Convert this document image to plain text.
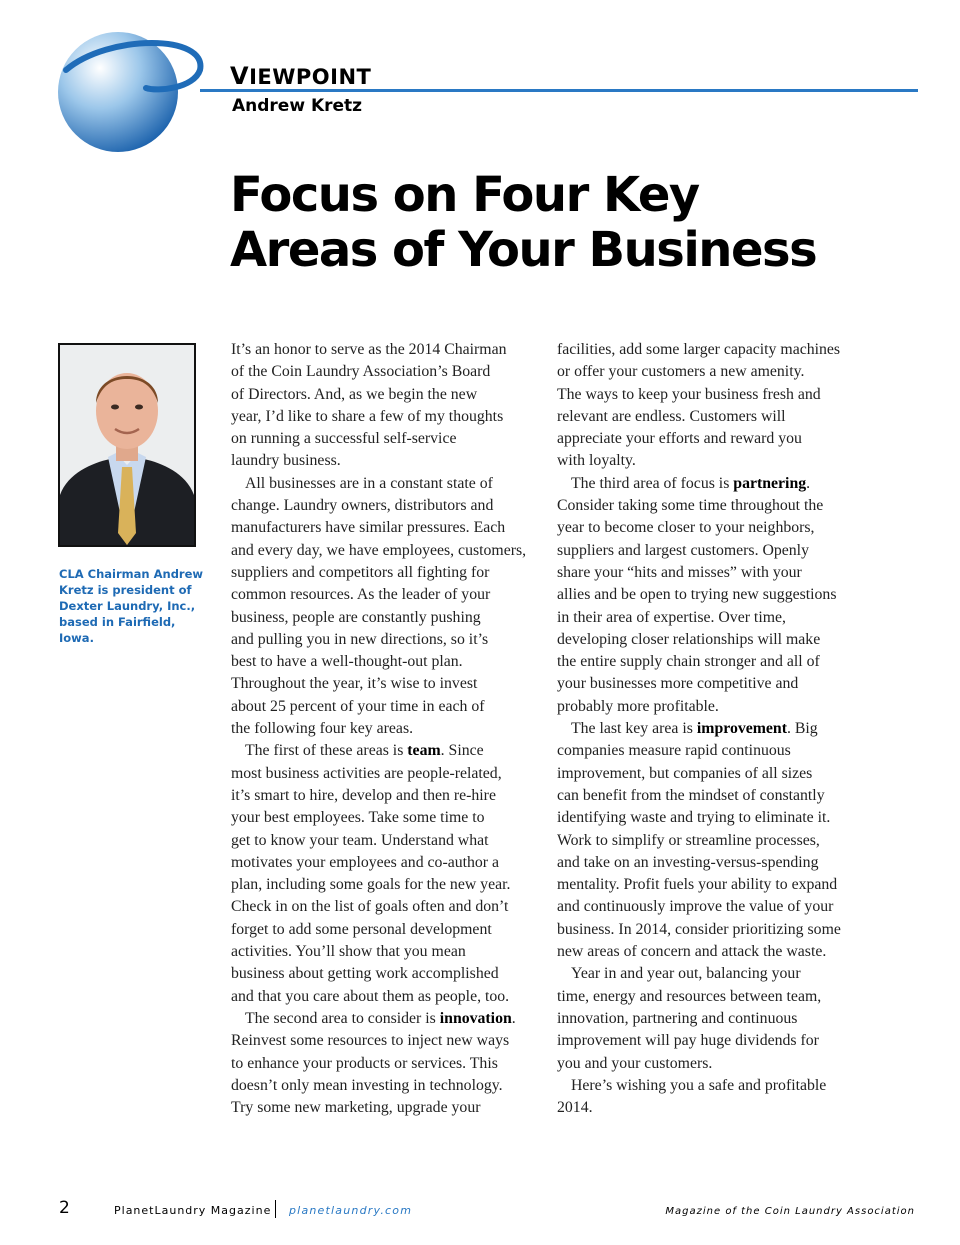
VIEWPOINT
Andrew Kretz
Focus on Four Key
Areas of Your Business

CLA Chairman Andrew Kretz is president of Dexter Laundry, Inc., based in Fairfield, Iowa.

It’s an honor to serve as the 2014 Chairman
of the Coin Laundry Association’s Board
of Directors. And, as we begin the new
year, I’d like to share a few of my thoughts
on running a successful self-service
laundry business.

All businesses are in a constant state of
change. Laundry owners, distributors and
manufacturers have similar pressures. Each
and every day, we have employees, customers,
suppliers and competitors all fighting for
common resources. As the leader of your
business, people are constantly pushing
and pulling you in new directions, so it’s
best to have a well-thought-out plan.
Throughout the year, it’s wise to invest
about 25 percent of your time in each of
the following four key areas.

The first of these areas is team. Since
most business activities are people-related,
it’s smart to hire, develop and then re-hire
your best employees. Take some time to
get to know your team. Understand what
motivates your employees and co-author a
plan, including some goals for the new year.
Check in on the list of goals often and don’t
forget to add some personal development
activities. You’ll show that you mean
business about getting work accomplished
and that you care about them as people, too.

The second area to consider is innovation.
Reinvest some resources to inject new ways
to enhance your products or services. This
doesn’t only mean investing in technology.
Try some new marketing, upgrade your

facilities, add some larger capacity machines
or offer your customers a new amenity.
The ways to keep your business fresh and
relevant are endless. Customers will
appreciate your efforts and reward you
with loyalty.

The third area of focus is partnering.
Consider taking some time throughout the
year to become closer to your neighbors,
suppliers and largest customers. Openly
share your “hits and misses” with your
allies and be open to trying new suggestions
in their area of expertise. Over time,
developing closer relationships will make
the entire supply chain stronger and all of
your businesses more competitive and
probably more profitable.

The last key area is improvement. Big
companies measure rapid continuous
improvement, but companies of all sizes
can benefit from the mindset of constantly
identifying waste and trying to eliminate it.
Work to simplify or streamline processes,
and take on an investing-versus-spending
mentality. Profit fuels your ability to expand
and continuously improve the value of your
business. In 2014, consider prioritizing some
new areas of concern and attack the waste.

Year in and year out, balancing your
time, energy and resources between team,
innovation, partnering and continuous
improvement will pay huge dividends for
you and your customers.

Here’s wishing you a safe and profitable
2014.

2	PlanetLaundry Magazine planetlaundry.com	Magazine of the Coin Laundry Association
